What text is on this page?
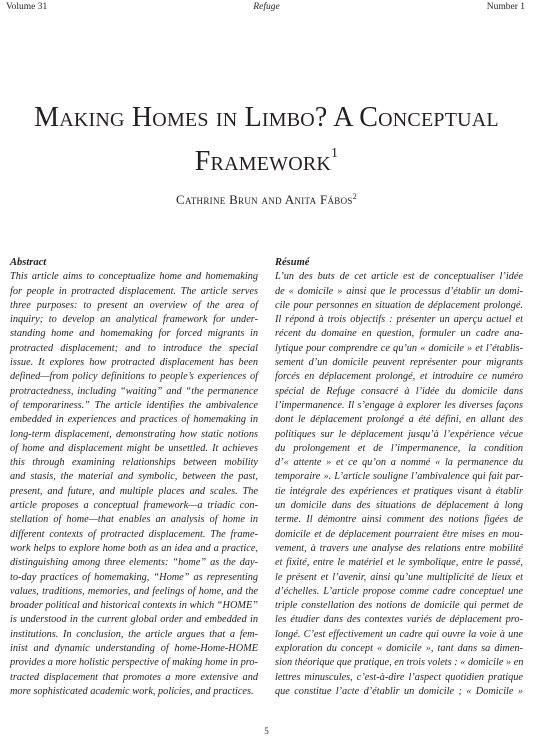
Volume 31	Refuge	Number 1
Making Homes in Limbo? A Conceptual
Framework$^1$
Cathrine Brun and Anita Fábos$^2$
Abstract
This article aims to conceptualize home and homemaking
for people in protracted displacement. The article serves
three purposes: to present an overview of the area of
inquiry; to develop an analytical framework for under-
standing home and homemaking for forced migrants in
protracted displacement; and to introduce the special
issue. It explores how protracted displacement has been
defined—from policy definitions to people’s experiences of
protractedness, including “waiting” and “the permanence
of temporariness.” The article identifies the ambivalence
embedded in experiences and practices of homemaking in
long-term displacement, demonstrating how static notions
of home and displacement might be unsettled. It achieves
this through examining relationships between mobility
and stasis, the material and symbolic, between the past,
present, and future, and multiple places and scales. The
article proposes a conceptual framework—a triadic con-
stellation of home—that enables an analysis of home in
different contexts of protracted displacement. The frame-
work helps to explore home both as an idea and a practice,
distinguishing among three elements: “home” as the day-
to-day practices of homemaking, “Home” as representing
values, traditions, memories, and feelings of home, and the
broader political and historical contexts in which “HOME”
is understood in the current global order and embedded in
institutions. In conclusion, the article argues that a fem-
inist and dynamic understanding of home-Home-HOME
provides a more holistic perspective of making home in pro-
tracted displacement that promotes a more extensive and
more sophisticated academic work, policies, and practices.
Résumé
L’un des buts de cet article est de conceptualiser l’idée
de « domicile » ainsi que le processus d’établir un domi-
cile pour personnes en situation de déplacement prolongé.
Il répond à trois objectifs : présenter un aperçu actuel et
récent du domaine en question, formuler un cadre ana-
lytique pour comprendre ce qu’un « domicile » et l’établis-
sement d’un domicile peuvent représenter pour migrants
forcés en déplacement prolongé, et introduire ce numéro
spécial de Refuge consacré à l’idée du domicile dans
l’impermanence. Il s’engage à explorer les diverses façons
dont le déplacement prolongé a été défini, en allant des
politiques sur le déplacement jusqu’à l’expérience vécue
du prolongement et de l’impermanence, la condition
d’« attente » et ce qu’on a nommé « la permanence du
temporaire ». L’article souligne l’ambivalence qui fait par-
tie intégrale des expériences et pratiques visant à établir
un domicile dans des situations de déplacement à long
terme. Il démontre ainsi comment des notions figées de
domicile et de déplacement pourraient être mises en mou-
vement, à travers une analyse des relations entre mobilité
et fixité, entre le matériel et le symbolique, entre le passé,
le présent et l’avenir, ainsi qu’une multiplicité de lieux et
d’échelles. L’article propose comme cadre conceptuel une
triple constellation des notions de domicile qui permet de
les étudier dans des contextes variés de déplacement pro-
longé. C’est effectivement un cadre qui ouvre la voie à une
exploration du concept « domicile », tant dans sa dimen-
sion théorique que pratique, en trois volets : « domicile » en
lettres minuscules, c’est-à-dire l’aspect quotidien pratique
que constitue l’acte d’établir un domicile ; « Domicile »
5
